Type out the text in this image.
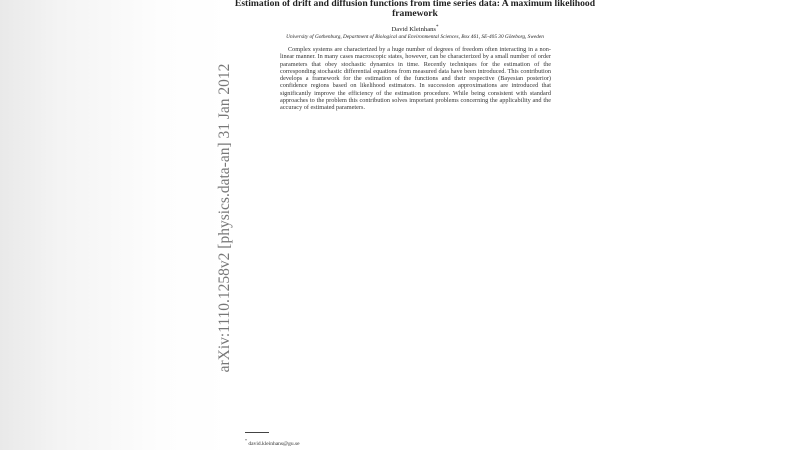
Estimation of drift and diffusion functions from time series data: A maximum likelihood framework
David Kleinhans*
University of Gothenburg, Department of Biological and Environmental Sciences, Box 461, SE-405 30 Göteborg, Sweden
Complex systems are characterized by a huge number of degrees of freedom often interacting in a non-linear manner. In many cases macroscopic states, however, can be characterized by a small number of order parameters that obey stochastic dynamics in time. Recently techniques for the estimation of the corresponding stochastic differential equations from measured data have been introduced. This contribution develops a framework for the estimation of the functions and their respective (Bayesian posterior) confidence regions based on likelihood estimators. In succession approximations are introduced that significantly improve the efficiency of the estimation procedure. While being consistent with standard approaches to the problem this contribution solves important problems concerning the applicability and the accuracy of estimated parameters.
arXiv:1110.1258v2 [physics.data-an] 31 Jan 2012
* david.kleinhans@gu.se
